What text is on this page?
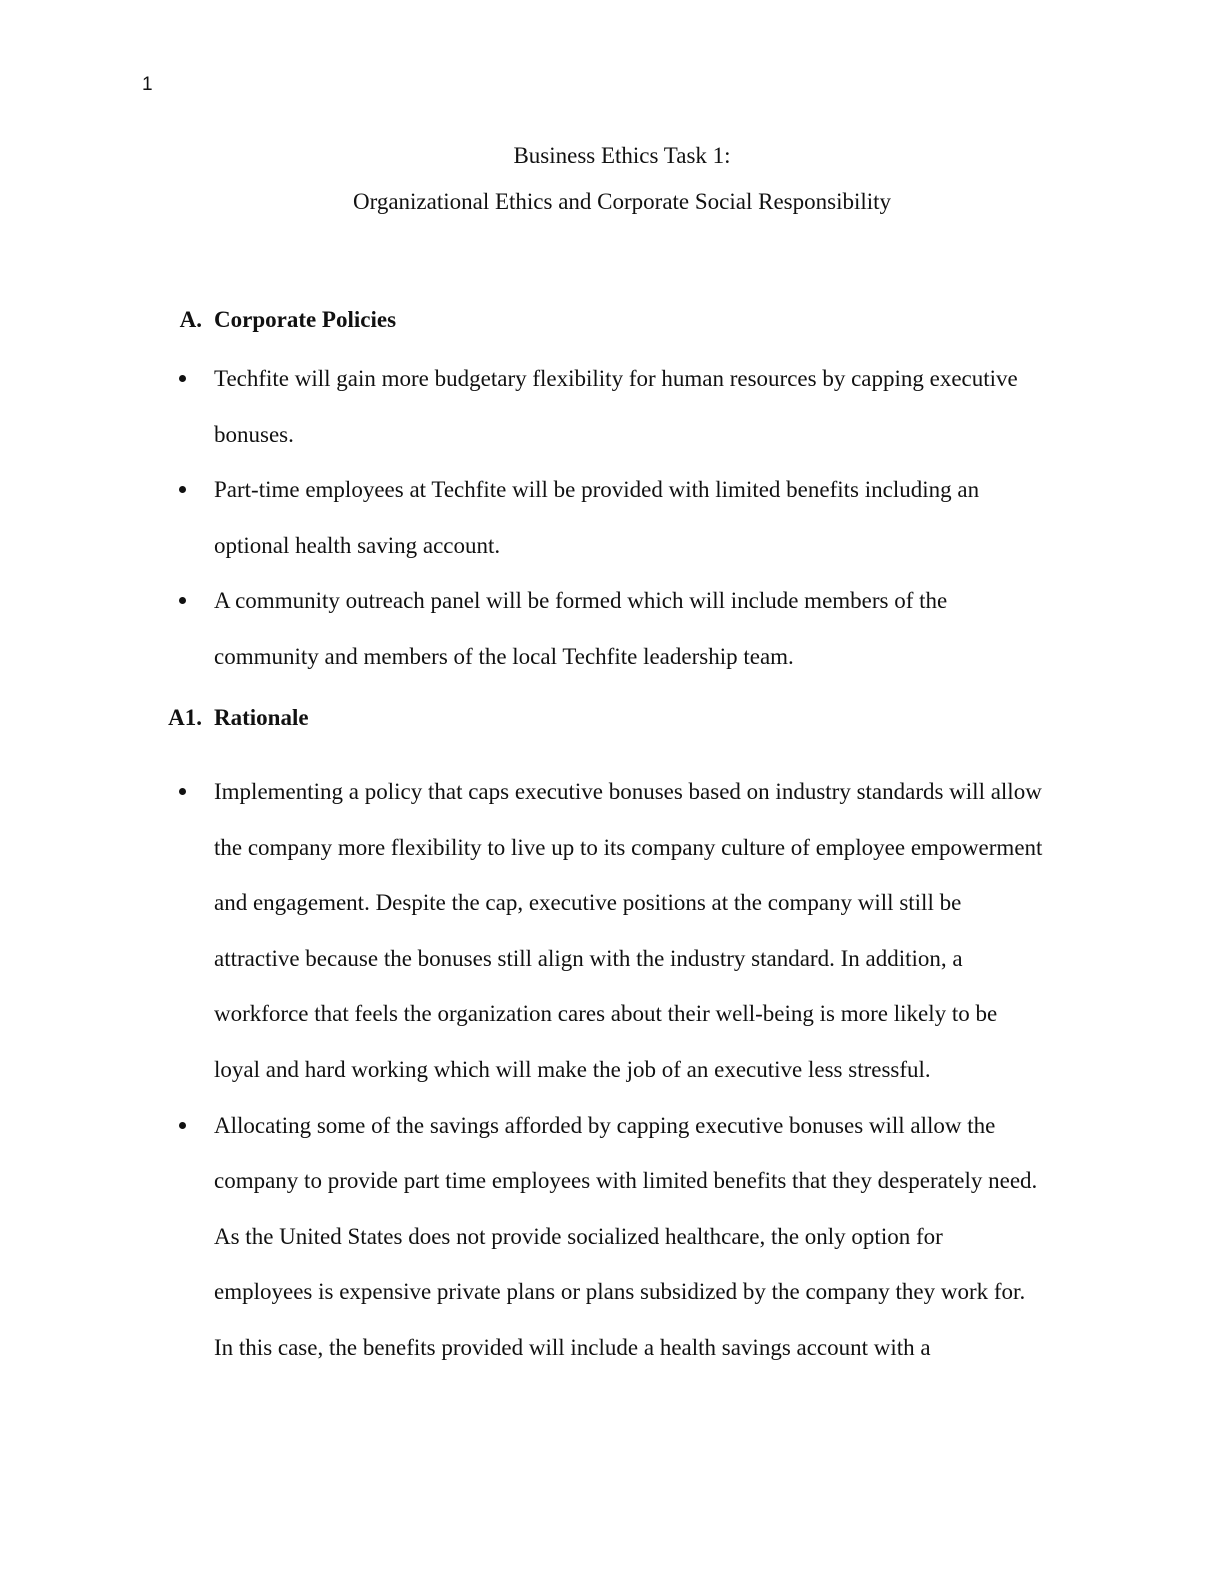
1
Business Ethics Task 1:
Organizational Ethics and Corporate Social Responsibility
A. Corporate Policies

Techfite will gain more budgetary flexibility for human resources by capping executive bonuses.

Part-time employees at Techfite will be provided with limited benefits including an optional health saving account.

A community outreach panel will be formed which will include members of the community and members of the local Techfite leadership team.

A1. Rationale

Implementing a policy that caps executive bonuses based on industry standards will allow the company more flexibility to live up to its company culture of employee empowerment and engagement. Despite the cap, executive positions at the company will still be attractive because the bonuses still align with the industry standard. In addition, a workforce that feels the organization cares about their well-being is more likely to be loyal and hard working which will make the job of an executive less stressful.

Allocating some of the savings afforded by capping executive bonuses will allow the company to provide part time employees with limited benefits that they desperately need. As the United States does not provide socialized healthcare, the only option for employees is expensive private plans or plans subsidized by the company they work for. In this case, the benefits provided will include a health savings account with a
